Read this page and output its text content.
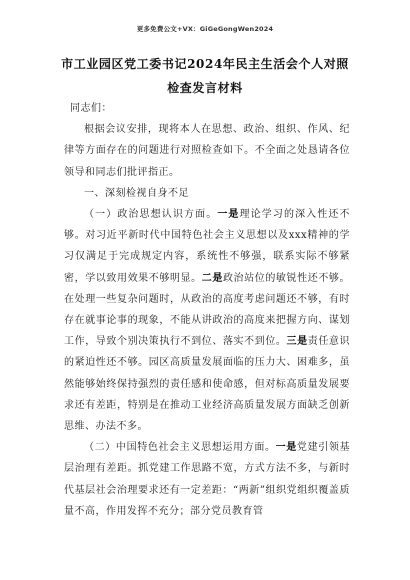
更多免费公文+VX：GiGeGongWen2024
市工业园区党工委书记2024年民主生活会个人对照检查发言材料

同志们：

根据会议安排，现将本人在思想、政治、组织、作风、纪律等方面存在的问题进行对照检查如下。不全面之处恳请各位领导和同志们批评指正。

一、深刻检视自身不足

（一）政治思想认识方面。一是理论学习的深入性还不够。对习近平新时代中国特色社会主义思想以及xxx精神的学习仅满足于完成规定内容，系统性不够强，联系实际不够紧密，学以致用效果不够明显。二是政治站位的敏锐性还不够。在处理一些复杂问题时，从政治的高度考虑问题还不够，有时存在就事论事的现象，不能从讲政治的高度来把握方向、谋划工作，导致个别决策执行不到位、落实不到位。三是责任意识的紧迫性还不够。园区高质量发展面临的压力大、困难多，虽然能够始终保持强烈的责任感和使命感，但对标高质量发展要求还有差距，特别是在推动工业经济高质量发展方面缺乏创新思维、办法不多。

（二）中国特色社会主义思想运用方面。一是党建引领基层治理有差距。抓党建工作思路不宽，方式方法不多，与新时代基层社会治理要求还有一定差距：“两新”组织党组织覆盖质量不高，作用发挥不充分；部分党员教育管
